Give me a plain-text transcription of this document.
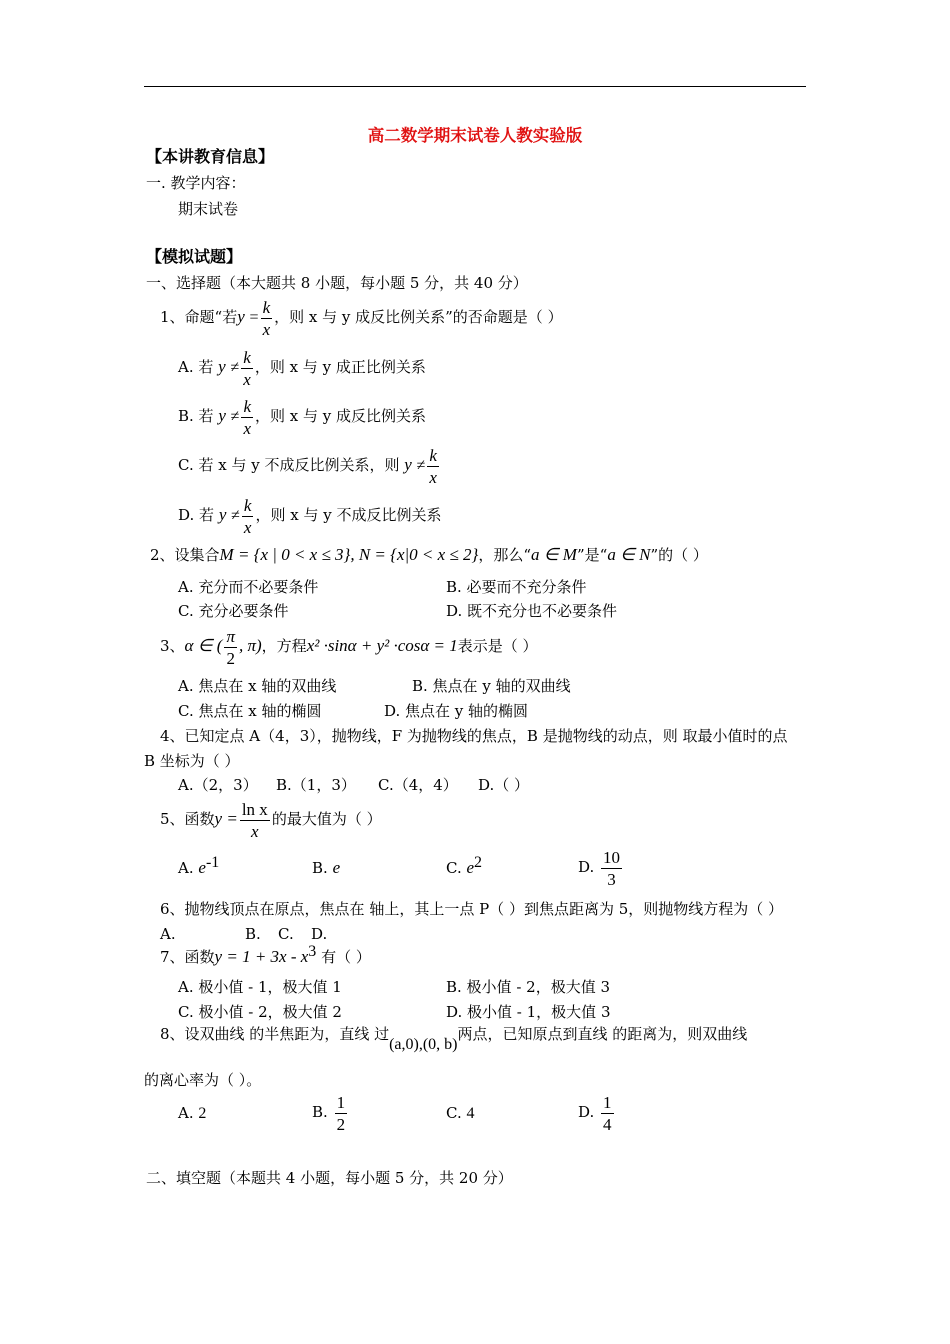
高二数学期末试卷人教实验版
【本讲教育信息】
一. 教学内容：
期末试卷
【模拟试题】
一、选择题（本大题共 8 小题，每小题 5 分，共 40 分）
1、命题“若$y = \frac{k}{x}$ ，则 x 与 y 成反比例关系”的否命题是（ ）
A. 若 $y \ne \frac{k}{x}$ ，则 x 与 y 成正比例关系
B. 若 $y \ne \frac{k}{x}$ ，则 x 与 y 成反比例关系
C. 若 x 与 y 不成反比例关系，则 $y \ne \frac{k}{x}$
D. 若 $y \ne \frac{k}{x}$ ，则 x 与 y 不成反比例关系
2、设集合M = {x | 0 < x ≤ 3}, N = {x|0 < x ≤ 2}，那么“a ∈ M”是“a ∈ N”的（ ）
A. 充分而不必要条件	B. 必要而不充分条件
C. 充分必要条件	D. 既不充分也不必要条件
3、α ∈ ( $\frac{\pi}{2}$ , π)，方程x² ·sinα + y² ·cosα = 1表示是（ ）
A. 焦点在 x 轴的双曲线	B. 焦点在 y 轴的双曲线
C. 焦点在 x 轴的椭圆	D. 焦点在 y 轴的椭圆
4、已知定点 A（4，3），抛物线，F 为抛物线的焦点，B 是抛物线的动点，则 取最小值时的点
B 坐标为（ ）
A.（2，3） B.（1，3） C.（4，4） D.（ ）
5、函数$y = \frac{\text{ln x}}{x}$ 的最大值为（ ）
A. $e^{-1}$	B. e	C. $e^2$	D. $\frac{10}{3}$
6、抛物线顶点在原点，焦点在 轴上，其上一点 P（ ）到焦点距离为 5，则抛物线方程为（ ）
A.	B. C. D.
7、函数$y = 1 + 3x - x^3$ 有（ ）
A. 极小值 - 1，极大值 1	B. 极小值 - 2，极大值 3
C. 极小值 - 2，极大值 2	D. 极小值 - 1，极大值 3
8、设双曲线 的半焦距为，直线 过(a,0),(0, b)两点，已知原点到直线 的距离为，则双曲线
的离心率为（ ）。
A. 2	B. $\frac{1}{2}$	C. 4	D. $\frac{1}{4}$
二、填空题（本题共 4 小题，每小题 5 分，共 20 分）
